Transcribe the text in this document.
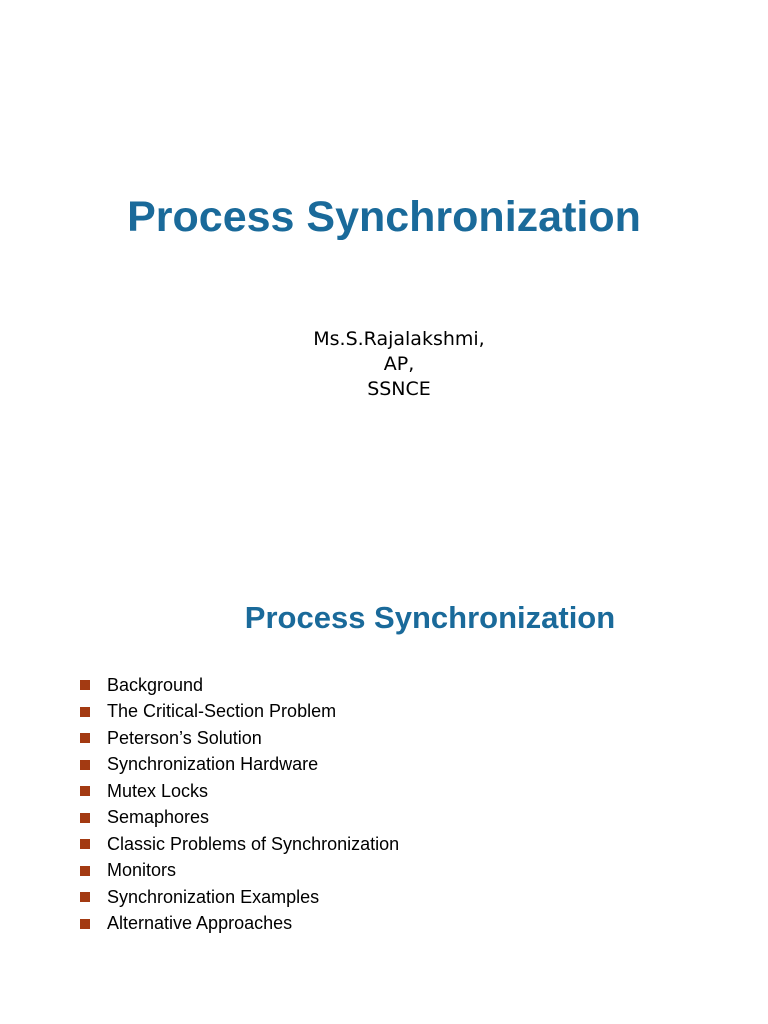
Process Synchronization
Ms.S.Rajalakshmi,
AP,
SSNCE
Process Synchronization
Background
The Critical-Section Problem
Peterson’s Solution
Synchronization Hardware
Mutex Locks
Semaphores
Classic Problems of Synchronization
Monitors
Synchronization Examples
Alternative Approaches
